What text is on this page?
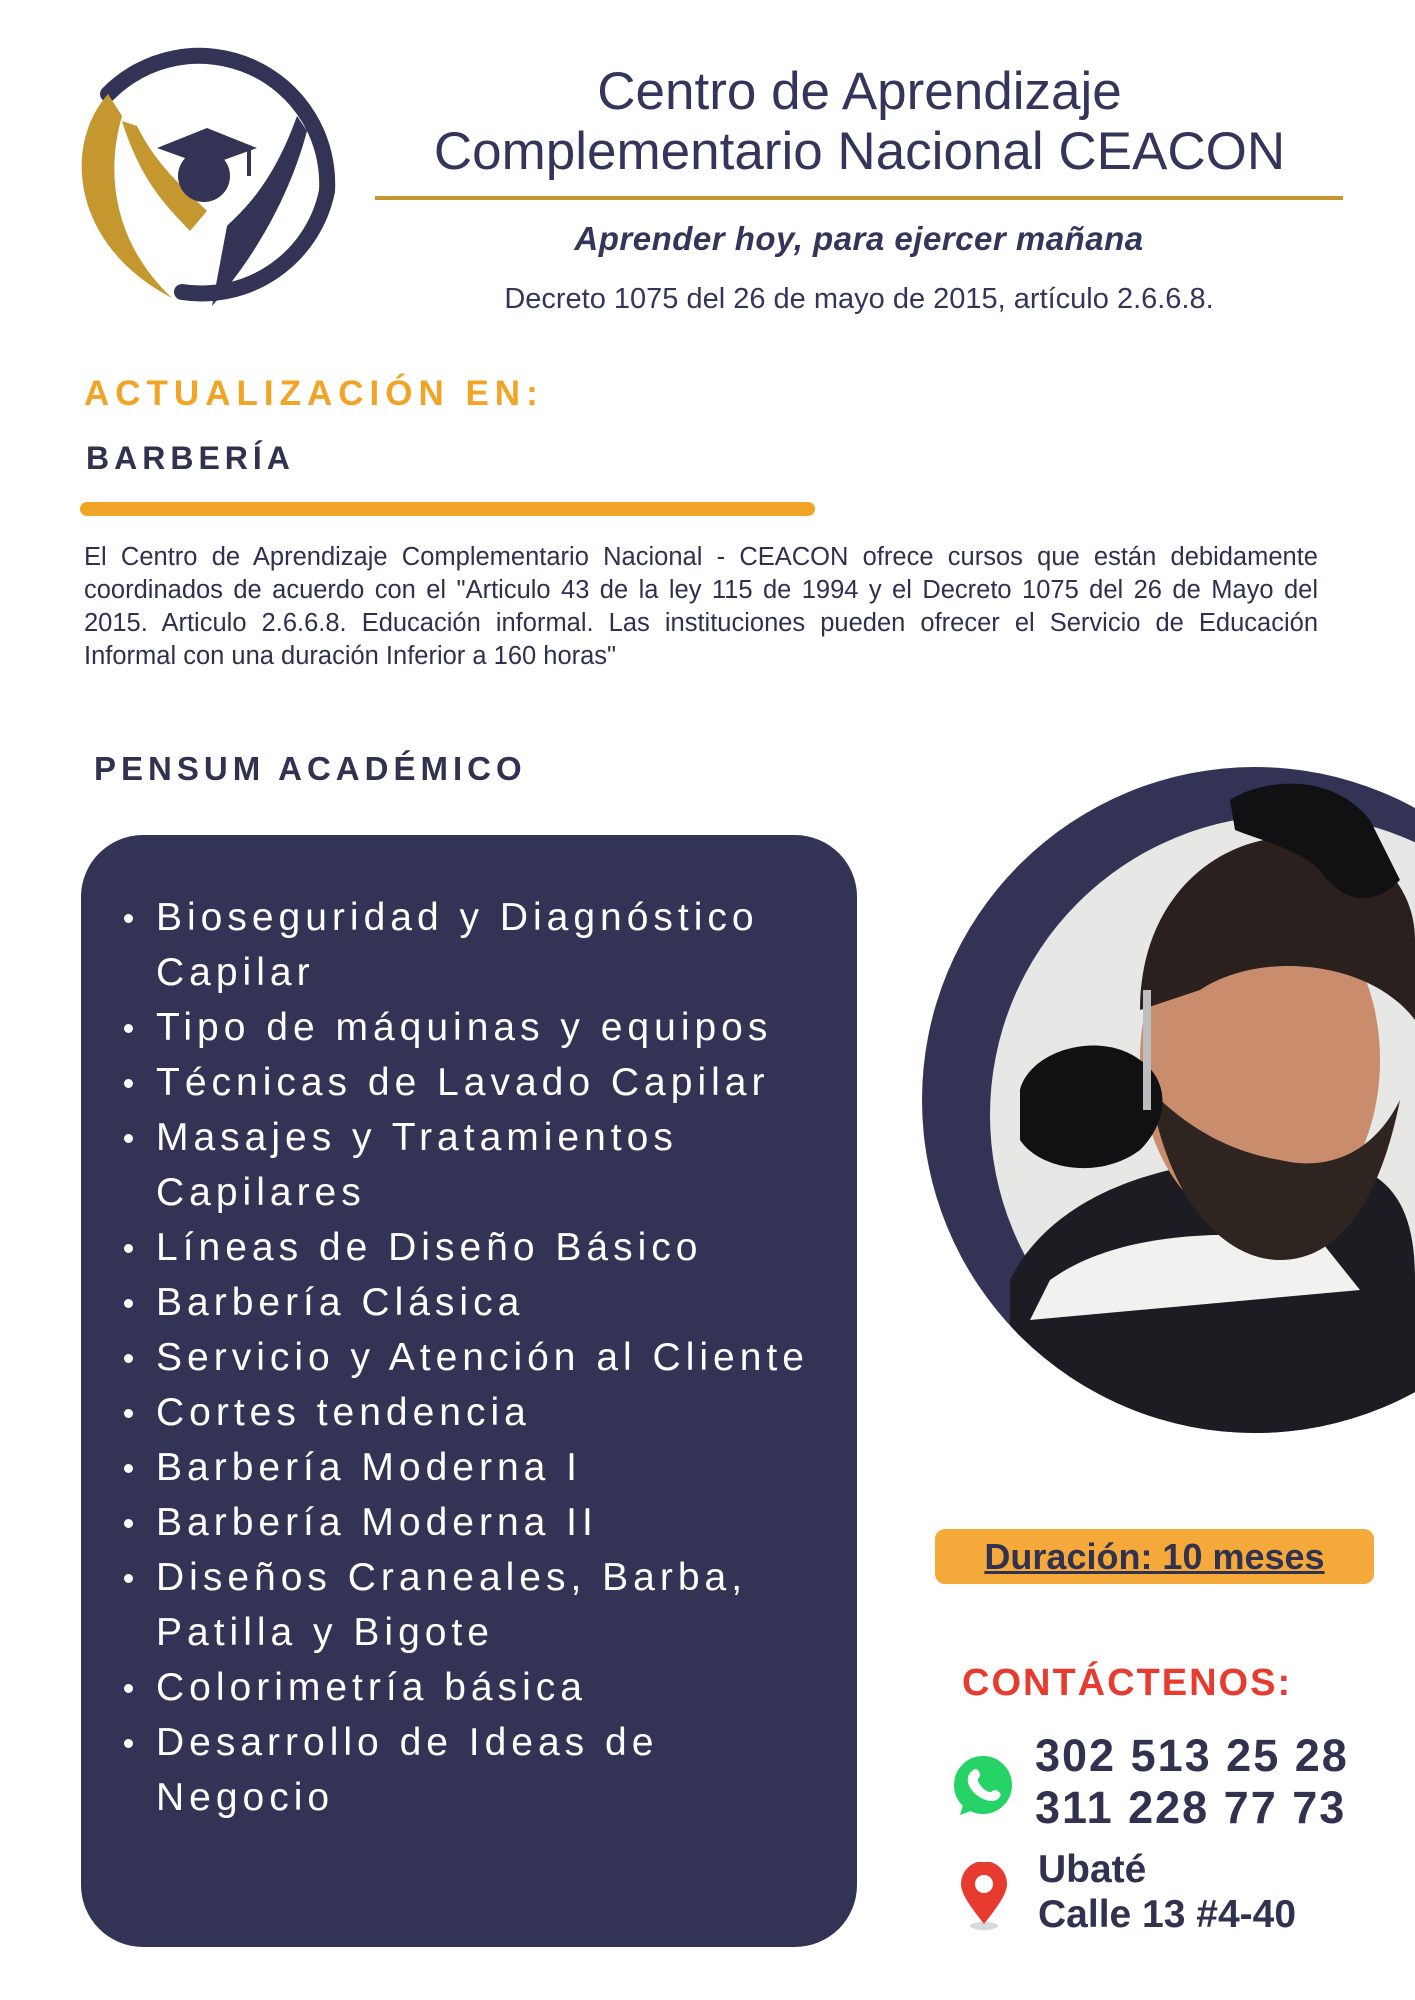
Centro de Aprendizaje
Complementario Nacional CEACON
Aprender hoy, para ejercer mañana
Decreto 1075 del 26 de mayo de 2015, artículo 2.6.6.8.
ACTUALIZACIÓN EN:
BARBERÍA
El Centro de Aprendizaje Complementario Nacional - CEACON ofrece cursos que están debidamente coordinados de acuerdo con el "Articulo 43 de la ley 115 de 1994 y el Decreto 1075 del 26 de Mayo del 2015. Articulo 2.6.6.8. Educación informal. Las instituciones pueden ofrecer el Servicio de Educación Informal con una duración Inferior a 160 horas"
PENSUM ACADÉMICO
Bioseguridad y Diagnóstico Capilar
Tipo de máquinas y equipos
Técnicas de Lavado Capilar
Masajes y Tratamientos Capilares
Líneas de Diseño Básico
Barbería Clásica
Servicio y Atención al Cliente
Cortes tendencia
Barbería Moderna I
Barbería Moderna II
Diseños Craneales, Barba, Patilla y Bigote
Colorimetría básica
Desarrollo de Ideas de Negocio
Duración: 10 meses
CONTÁCTENOS:
302 513 25 28
311 228 77 73
Ubaté
Calle 13 #4-40
